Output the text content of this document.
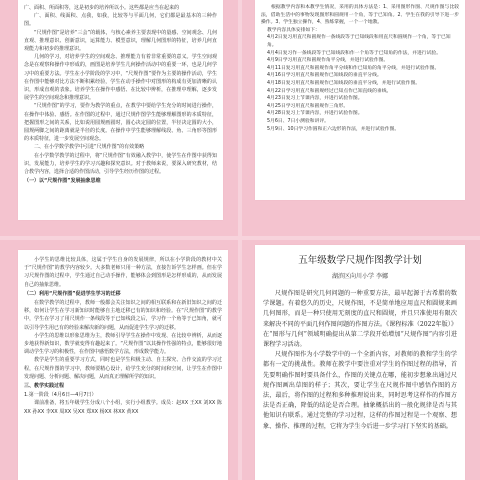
广、面积、所面积等，这是初步的培养所以小。这些都是应当在起来的

广、面积、线面积、点我，如我，比较等与平面几何，它们都是最基本的三种作图。

“尺规作图”是培养“三会”的载体，与核心素养主要表现中的量感、空间观念、几何直观、推理意识、创新意识，运算能力、模型意识，理解几何图形的特征，培养几何直观能力和初步的推理意识。

几何的学习，对培养学生的空间观念、推理能力有着非常重要的意义。学生空间观念是在观察和操作中形成的，画图是培养学生几何操作活动中的重要一环，也是几何学习中的重要方法。学生在小学阶段的学习中，“尺规作图”要作为主要的操作活动，学生在作图中能够对比方法不断积累经验，学生在动手操作中对图形的构成有更加清晰的认识，形成直观的表象。培养学生在操作中感悟、在比较中辨析，在推理中理解，逐步发展学生的空间观念和推理意识。

“尺规作图”的学习，要作为教学的重点，在教学中要给学生充分的时间进行操作，在操作中体验、感悟。在作图的过程中，通过尺规作图学生能够理解图形的本质特征，把握图形之间的关系，比如说用圆规画圆时，圆心决定圆的位置，半径决定圆的大小，圆规两脚之间的距离就是半径的长度。在操作中学生能够理解线段、角、三角形等图形的本质特征，进一步发展空间观念。

二、在小学数学教学中引进“尺规作图”的有效策略

在小学数学教学的过程中，将“尺规作图”有效融入教学中，使学生在作图中获得知识，发展能力，培养学生的学习兴趣和探究意识。对于教师来说，要深入研究教材，结合教学内容，选择合适的作图活动，引导学生经历作图的过程。

（一）以“尺规作图”发展抽象思维

根据教学内容和本教学生情况，采用的具体方法是：1、采用图形作图、尺规作图与比较法，借助生活中的事物发现图形和圆规用一个角，等于已知角。2、学生在我的引导下进一步操作。3、学生独立操作，4、熟练掌握，一个一个地教。

教学内容具体安排如下：

4月2日复习用直尺和圆规作一条线段等于已知线段和用直尺和圆规作一个角，等于已知角。

4月4日复习作一条线段等于已知线段和作一个角等于已知角的作法，并进行试验。

4月9日学习用直尺和圆规作角平分线，并进行试验作图。

4月11日复习用直尺和圆规作角平分线和作已知角的角平分线，并进行试验作图。

4月16日学习用直尺和圆规作已知线段的垂直平分线。

4月18日复习用直尺和圆规作已知线段的垂直平分线，并进行试验作图。

4月22日学习用直尺和圆规经过已知点作已知直线的垂线。

4月23日复习上节课内容，并进行试验作图。

4月25日学习用直尺和圆规作三角形。

4月28日复习上节课内容，并进行试验作图。

5月6日、7日小测验和讲评。

5月9日、10日学习作圆和正六边形的作法，并进行试验作图。

小学生的思维比较具体，这属于学生自身的发展规律，所以在小学阶段的教材中关于“尺规作图”的教学内容较少。大多数老师只用一种方法，直接告诉学生怎样画。但在学习尺规作图的过程中，学生通过自己动手操作，能够体会到图形是怎样形成的，从而发展自己的抽象思维。

（二）利用“尺规作图”促进学生学习的迁移

在数学教学的过程中，教师一般都会关注知识之间的相互联系和在新旧知识之间的迁移，如何让学生在学习新知识时能够自主地迁移已有的知识和经验。在“尺规作图”的教学中，学生在学习了用尺规作一条线段等于已知线段之后，学习作一个角等于已知角，就可以引导学生用已有的经验来解决新的问题，从而促进学生学习的迁移。

小学生的思维以形象思维为主，教师引导学生在操作中发现、在比较中辨析，从而逐步地获得新知识，数学就变得有趣起来了。“尺规作图”以其操作性强的特点，能够很好地调动学生学习的积极性，在作图中感悟数学方法，形成数学能力。

教学是学生的重要学习方式，同时也是学生积极主动、自主探究、合作交流的学习过程，在尺规作图的学习中，教师要精心设计，给学生充分的时间和空间，让学生在作图中发现问题、分析问题、解决问题，从而真正理解所学的知识。

三、教学实践过程

1.第一阶段（4月6日—4月7日）

课前准备，将五年级学生分成八个小组，实行小组教学。成员：赵XX 王XX 刘XX 陈XX 孙XX 李XX 周XX 吴XX 郑XX 杨XX 林XX 黄XX

五年级数学尺规作图教学计划

湖滨区向川小学 李娜

尺规作图是研究几何问题的一种重要方法，最早起源于古希腊的数学课题。有着悠久的历史，尺规作图，不是简单地应用直尺和圆规来画几何图形，而是一种只使用无刻度的直尺和圆规，并且只准使用有限次来解决不同的平面几何作图问题的作图方法。《课程标准（2022年版）》在“图形与几何”领域明确提出从第二学段开始增加“尺规作图”内容引进课程学习活动。

尺规作图作为小学数学中的一个全新内容，对教师的教和学生的学都有一定的挑战性。教师在教学中要注重对学生的作图过程的指导，首先要明确作图时要具备什么，作图的关键点在哪，能初步想象出通过尺规作图画出草图的样子；其次，要让学生在尺规作图中感悟作图的方法，最后，将作图的过程和多种推理说出来，同时思考这样作的作图方法是否正确，降低的结论是否合理。抽象概括出的一般化规律是否与其他知识有联系。通过完整的学习过程，这样的作图过程是一个观察、想象、操作、推理的过程，它将为学生今后进一步学习打下坚实的基础。
